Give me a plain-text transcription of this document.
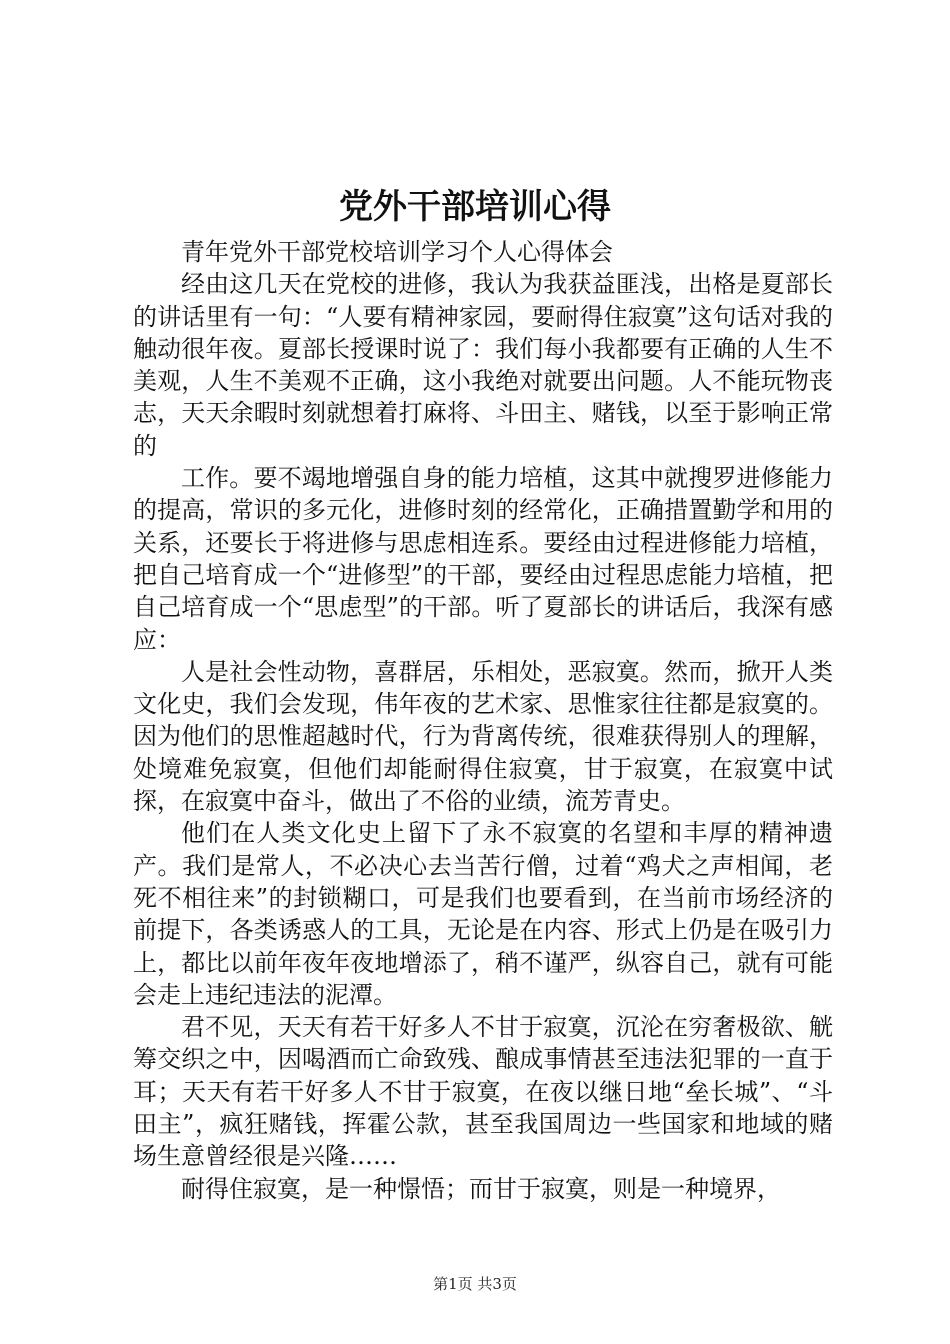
党外干部培训心得

青年党外干部党校培训学习个人心得体会

经由这几天在党校的进修，我认为我获益匪浅，出格是夏部长的讲话里有一句：“人要有精神家园，要耐得住寂寞”这句话对我的触动很年夜。夏部长授课时说了：我们每小我都要有正确的人生不美观，人生不美观不正确，这小我绝对就要出问题。人不能玩物丧志，天天余暇时刻就想着打麻将、斗田主、赌钱，以至于影响正常的

工作。要不竭地增强自身的能力培植，这其中就搜罗进修能力的提高，常识的多元化，进修时刻的经常化，正确措置勤学和用的关系，还要长于将进修与思虑相连系。要经由过程进修能力培植，把自己培育成一个“进修型”的干部，要经由过程思虑能力培植，把自己培育成一个“思虑型”的干部。听了夏部长的讲话后，我深有感应：

人是社会性动物，喜群居，乐相处，恶寂寞。然而，掀开人类文化史，我们会发现，伟年夜的艺术家、思惟家往往都是寂寞的。因为他们的思惟超越时代，行为背离传统，很难获得别人的理解，处境难免寂寞，但他们却能耐得住寂寞，甘于寂寞，在寂寞中试探，在寂寞中奋斗，做出了不俗的业绩，流芳青史。

他们在人类文化史上留下了永不寂寞的名望和丰厚的精神遗产。我们是常人，不必决心去当苦行僧，过着“鸡犬之声相闻，老死不相往来”的封锁糊口，可是我们也要看到，在当前市场经济的前提下，各类诱惑人的工具，无论是在内容、形式上仍是在吸引力上，都比以前年夜年夜地增添了，稍不谨严，纵容自己，就有可能会走上违纪违法的泥潭。

君不见，天天有若干好多人不甘于寂寞，沉沦在穷奢极欲、觥筹交织之中，因喝酒而亡命致残、酿成事情甚至违法犯罪的一直于耳；天天有若干好多人不甘于寂寞，在夜以继日地“垒长城”、“斗田主”，疯狂赌钱，挥霍公款，甚至我国周边一些国家和地域的赌场生意曾经很是兴隆……

耐得住寂寞，是一种憬悟；而甘于寂寞，则是一种境界，

第1页 共3页
